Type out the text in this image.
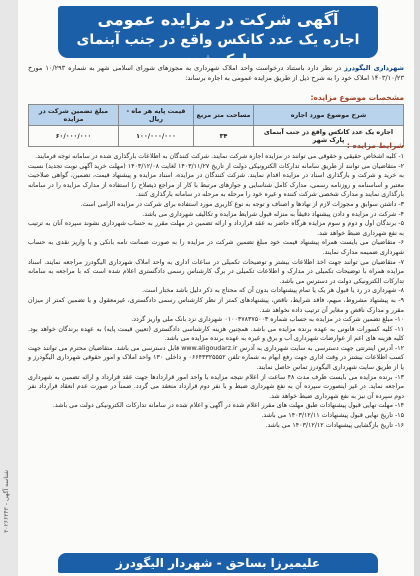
۳۰۲۶۶۳۴۳ - شناسه آگهی
آگهی شرکت در مزایده عمومی
اجاره یک عدد کانکس واقع در جنب آبنمای پارک شهر	شهرداری الیگودرز در نظر دارد باستناد درخواست واحد املاک شهرداری به مجوزهای شورای اسلامی شهر به شماره ۱۰/۲۹۳ مورخ ۱۴۰۳/۱۰/۲۳ املاک خود را به شرح ذیل از طریق مزایده عمومی به اجاره برساند:
مشخصات موضوع مزایده:
شرح موضوع مورد اجاره	مساحت متر مربع	قیمت پایه هر ماه - ریال	مبلغ تضمین شرکت در مزایده
اجاره یک عدد کانکس واقع در جنب آبنمای پارک شهر	۳۴	۱۰۰/۰۰۰/۰۰۰	۶۰/۰۰۰/۰۰۰
شرایط مزایده :
۱- کلیه اشخاص حقیقی و حقوقی می توانند در مزایده اجاره شرکت نمایند. شرکت کنندگان به اطلاعات بارگذاری شده در سامانه توجه فرمایند.
۲- متقاضیان می توانند از طریق سامانه تدارکات الکترونیکی دولت از تاریخ ۱۴۰۳/۱۱/۲۷ لغایت ۱۴۰۳/۱۲/۰۸ (مهلت خرید آگهی نوبت تجدید) نسبت به خرید و شرکت و بارگذاری اسناد در مزایده اقدام نمایند. شرکت کنندگان در مزایده، اسناد مزایده و پیشنهاد قیمت، تضمین، گواهی صلاحیت معتبر و اساسنامه و روزنامه رسمی، مدارک کامل شناسایی و جوازهای مرتبط با کار از مراجع ذیصلاح را استفاده از مدارک مزایده را در سامانه بارگذاری نمایند و مدارک شخصی شرکت کننده و غیره خود را مرحله به مرحله در سامانه بارگذاری کنند.
۳- داشتن سوابق و مجوزات لازم از نهادها و اصناف و توجه به نوع کاربری مورد استفاده برای شرکت در مزایده الزامی است.
۴- شرکت در مزایده و دادن پیشنهاد دقیقاً به منزله قبول شرایط مزایده و تکالیف شهرداری می باشد.
۵- برندگان اول و دوم و سوم مزایده هرگاه حاضر به عقد قرارداد و ارائه تضمین در مهلت مقرر به حساب شهرداری نشوند سپرده آنان به ترتیب به نفع شهرداری ضبط خواهد شد.
۶- متقاضیان می بایست همراه پیشنهاد قیمت خود مبلغ تضمین شرکت در مزایده را به صورت ضمانت نامه بانکی و یا واریز نقدی به حساب شهرداری ضمیمه مدارک نمایند.
۷- متقاضیان می توانند جهت اخذ اطلاعات بیشتر و توضیحات تکمیلی در ساعات اداری به واحد املاک شهرداری الیگودرز مراجعه نمایند. اسناد مزایده همراه با توضیحات تکمیلی در مدارک و اطلاعات تکمیلی در برگ کارشناس رسمی دادگستری اعلام شده است که با مراجعه به سامانه تدارکات الکترونیکی دولت در دسترس می باشد.
۸- شهرداری در رد یا قبول هر یک یا تمام پیشنهادات بدون آن که محتاج به ذکر دلیل باشد مختار است.
۹- به پیشنهاد مشروط، مبهم، فاقد شرایط، ناقص، پیشنهادهای کمتر از نظر کارشناس رسمی دادگستری، غیرمعقول و یا تضمین کمتر از میزان مقرر و مدارک ناقص و مغایر آن ترتیب داده نخواهد شد.
۱۰- مبلغ تضمین شرکت در مزایده به حساب شماره ۰۱۰۰۳۷۸۳۷۵۰۰۳ شهرداری نزد بانک ملی واریز گردد.
۱۱- کلیه کسورات قانونی به عهده برنده مزایده می باشد. همچنین هزینه کارشناسی دادگستری (تعیین قیمت پایه) به عهده برندگان خواهد بود. کلیه هزینه های اعم از عوارضات شهرداری آب و برق و غیره به عهده برنده مزایده می باشد.
۱۲- آدرس اینترنتی جهت دسترسی به سایت شهرداری به آدرس www.aligoudarz.ir قابل دسترسی می باشد. متقاضیان محترم می توانند جهت کسب اطلاعات بیشتر در وقت اداری جهت رفع ابهام به شماره تلفن ۰۶۶۴۳۳۲۵۵۵۲ و داخلی ۱۳۰ واحد املاک و امور حقوقی شهرداری الیگودرز و یا از طریق سایت شهرداری الیگودرز تماس حاصل نمایند.
۱۳- برنده مزایده می بایست ظرف مدت ۴۸ ساعت از اعلام نتیجه مزایده با واحد امور قراردادها جهت عقد قرارداد و ارائه تضمین به شهرداری مراجعه نماید. در غیر اینصورت سپرده آن به نفع شهرداری ضبط و با نفر دوم قرارداد منعقد می گردد. ضمناً در صورت عدم انعقاد قرارداد نفر دوم سپرده آن نیز به نفع شهرداری ضبط خواهد شد.
۱۴- مهلت نهایی قبول پیشنهادات طبق مهلت های مقرر اعلام شده در آگهی و اعلام شده در سامانه تدارکات الکترونیکی دولت می باشد.
۱۵- تاریخ نهایی قبول پیشنهادات ۱۴۰۳/۱۲/۱۱ می باشد.
۱۶- تاریخ بازگشایی پیشنهادات ۱۴۰۳/۱۲/۱۲ می باشد.
علیمیرزا بساحق - شهردار الیگودرز
